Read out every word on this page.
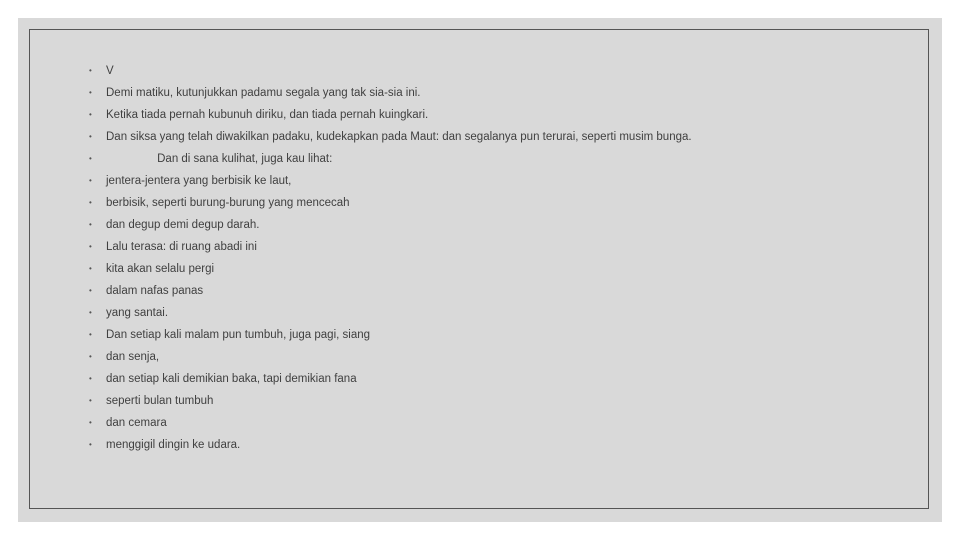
•	V
•	Demi matiku, kutunjukkan padamu segala yang tak sia-sia ini.
•	Ketika tiada pernah kubunuh diriku, dan tiada pernah kuingkari.
•	Dan siksa yang telah diwakilkan padaku, kudekapkan pada Maut: dan segalanya pun terurai, seperti musim bunga.
•	Dan di sana kulihat, juga kau lihat:
•	jentera-jentera yang berbisik ke laut,
•	berbisik, seperti burung-burung yang mencecah
•	dan degup demi degup darah.
•	Lalu terasa: di ruang abadi ini
•	kita akan selalu pergi
•	dalam nafas panas
•	yang santai.
•	Dan setiap kali malam pun tumbuh, juga pagi, siang
•	dan senja,
•	dan setiap kali demikian baka, tapi demikian fana
•	seperti bulan tumbuh
•	dan cemara
•	menggigil dingin ke udara.
